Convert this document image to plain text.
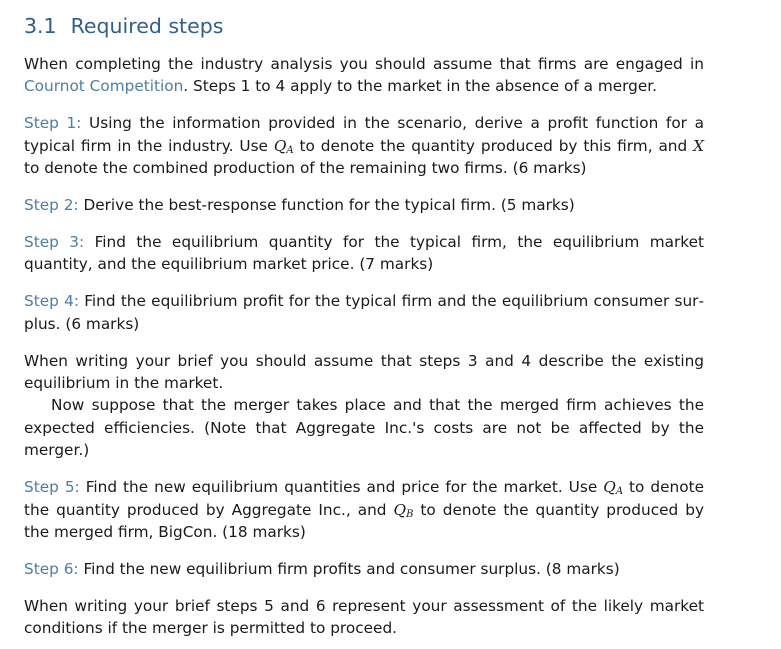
3.1 Required steps

When completing the industry analysis you should assume that firms are engaged in Cournot Competition. Steps 1 to 4 apply to the market in the absence of a merger.

Step 1: Using the information provided in the scenario, derive a profit function for a typical firm in the industry. Use $Q_A$ to denote the quantity produced by this firm, and X to denote the combined production of the remaining two firms. (6 marks)

Step 2: Derive the best-response function for the typical firm. (5 marks)

Step 3: Find the equilibrium quantity for the typical firm, the equilibrium market quantity, and the equilibrium market price. (7 marks)

Step 4: Find the equilibrium profit for the typical firm and the equilibrium consumer surplus. (6 marks)

When writing your brief you should assume that steps 3 and 4 describe the existing equilibrium in the market.

Now suppose that the merger takes place and that the merged firm achieves the expected efficiencies. (Note that Aggregate Inc.'s costs are not be affected by the merger.)

Step 5: Find the new equilibrium quantities and price for the market. Use $Q_A$ to denote the quantity produced by Aggregate Inc., and $Q_B$ to denote the quantity produced by the merged firm, BigCon. (18 marks)

Step 6: Find the new equilibrium firm profits and consumer surplus. (8 marks)

When writing your brief steps 5 and 6 represent your assessment of the likely market conditions if the merger is permitted to proceed.
